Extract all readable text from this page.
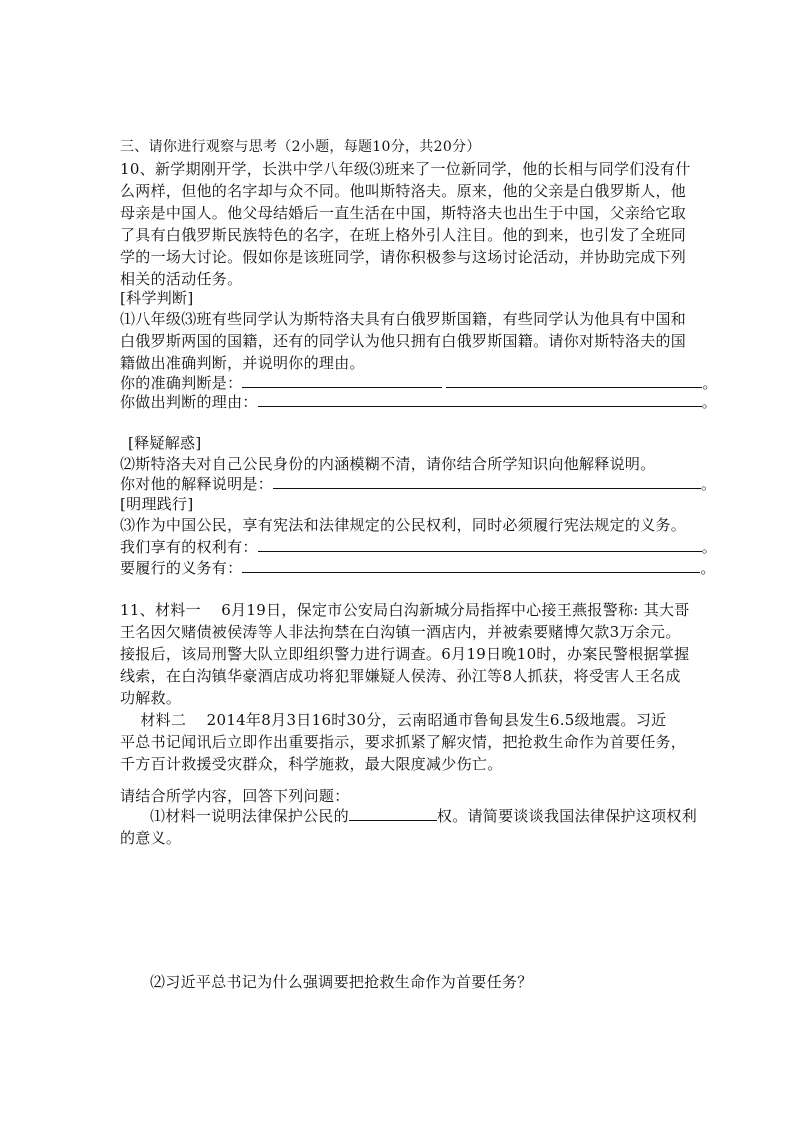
三、请你进行观察与思考（2小题，每题10分，共20分）
10、新学期刚开学，长洪中学八年级⑶班来了一位新同学，他的长相与同学们没有什
么两样，但他的名字却与众不同。他叫斯特洛夫。原来，他的父亲是白俄罗斯人，他
母亲是中国人。他父母结婚后一直生活在中国，斯特洛夫也出生于中国，父亲给它取
了具有白俄罗斯民族特色的名字，在班上格外引人注目。他的到来，也引发了全班同
学的一场大讨论。假如你是该班同学，请你积极参与这场讨论活动，并协助完成下列
相关的活动任务。
[科学判断]
⑴八年级⑶班有些同学认为斯特洛夫具有白俄罗斯国籍，有些同学认为他具有中国和
白俄罗斯两国的国籍，还有的同学认为他只拥有白俄罗斯国籍。请你对斯特洛夫的国
籍做出准确判断，并说明你的理由。
你的准确判断是：	。
你做出判断的理由：	。
[释疑解惑]
⑵斯特洛夫对自己公民身份的内涵模糊不清，请你结合所学知识向他解释说明。
你对他的解释说明是：	。
[明理践行]
⑶作为中国公民，享有宪法和法律规定的公民权利，同时必须履行宪法规定的义务。
我们享有的权利有：	。
要履行的义务有：	。
11、材料一　 6月19日，保定市公安局白沟新城分局指挥中心接王燕报警称: 其大哥
王名因欠赌债被侯涛等人非法拘禁在白沟镇一酒店内，并被索要赌博欠款3万余元。
接报后，该局刑警大队立即组织警力进行调查。6月19日晚10时，办案民警根据掌握
线索，在白沟镇华豪酒店成功将犯罪嫌疑人侯涛、孙江等8人抓获，将受害人王名成
功解救。
　 材料二　 2014年8月3日16时30分，云南昭通市鲁甸县发生6.5级地震。习近
平总书记闻讯后立即作出重要指示，要求抓紧了解灾情，把抢救生命作为首要任务，
千方百计救援受灾群众，科学施救，最大限度减少伤亡。
请结合所学内容，回答下列问题：
⑴材料一说明法律保护公民的	权。请简要谈谈我国法律保护这项权利
的意义。
⑵习近平总书记为什么强调要把抢救生命作为首要任务？
